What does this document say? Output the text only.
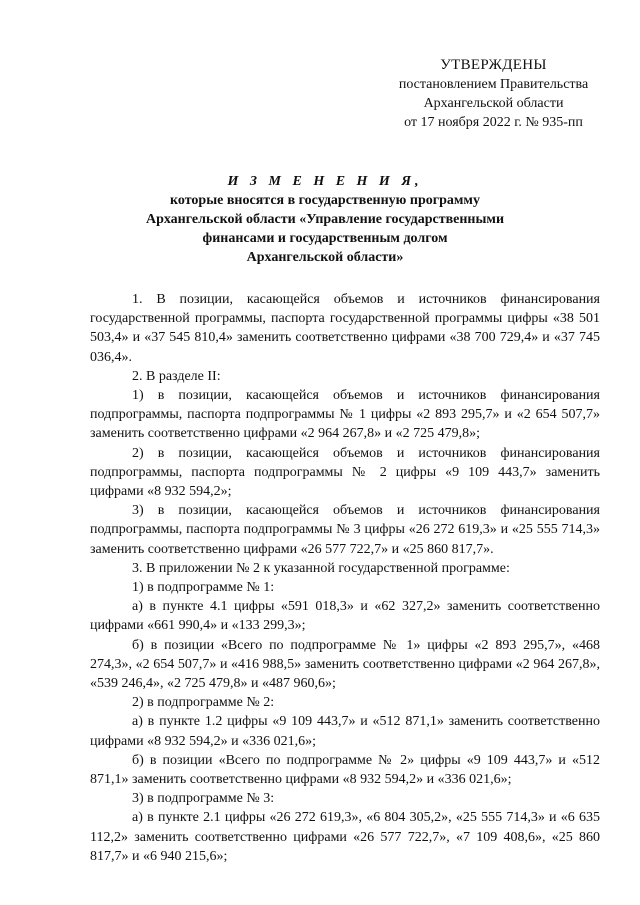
УТВЕРЖДЕНЫ
постановлением Правительства
Архангельской области
от 17 ноября 2022 г. № 935-пп
И З М Е Н Е Н И Я,
которые вносятся в государственную программу
Архангельской области «Управление государственными
финансами и государственным долгом
Архангельской области»

1. В позиции, касающейся объемов и источников финансирования государственной программы, паспорта государственной программы цифры «38 501 503,4» и «37 545 810,4» заменить соответственно цифрами «38 700 729,4» и «37 745 036,4».

2. В разделе II:

1) в позиции, касающейся объемов и источников финансирования подпрограммы, паспорта подпрограммы № 1 цифры «2 893 295,7» и «2 654 507,7» заменить соответственно цифрами «2 964 267,8» и «2 725 479,8»;

2) в позиции, касающейся объемов и источников финансирования подпрограммы, паспорта подпрограммы № 2 цифры «9 109 443,7» заменить цифрами «8 932 594,2»;

3) в позиции, касающейся объемов и источников финансирования подпрограммы, паспорта подпрограммы № 3 цифры «26 272 619,3» и «25 555 714,3» заменить соответственно цифрами «26 577 722,7» и «25 860 817,7».

3. В приложении № 2 к указанной государственной программе:

1) в подпрограмме № 1:

а) в пункте 4.1 цифры «591 018,3» и «62 327,2» заменить соответственно цифрами «661 990,4» и «133 299,3»;

б) в позиции «Всего по подпрограмме № 1» цифры «2 893 295,7», «468 274,3», «2 654 507,7» и «416 988,5» заменить соответственно цифрами «2 964 267,8», «539 246,4», «2 725 479,8» и «487 960,6»;

2) в подпрограмме № 2:

а) в пункте 1.2 цифры «9 109 443,7» и «512 871,1» заменить соответственно цифрами «8 932 594,2» и «336 021,6»;

б) в позиции «Всего по подпрограмме № 2» цифры «9 109 443,7» и «512 871,1» заменить соответственно цифрами «8 932 594,2» и «336 021,6»;

3) в подпрограмме № 3:

а) в пункте 2.1 цифры «26 272 619,3», «6 804 305,2», «25 555 714,3» и «6 635 112,2» заменить соответственно цифрами «26 577 722,7», «7 109 408,6», «25 860 817,7» и «6 940 215,6»;
